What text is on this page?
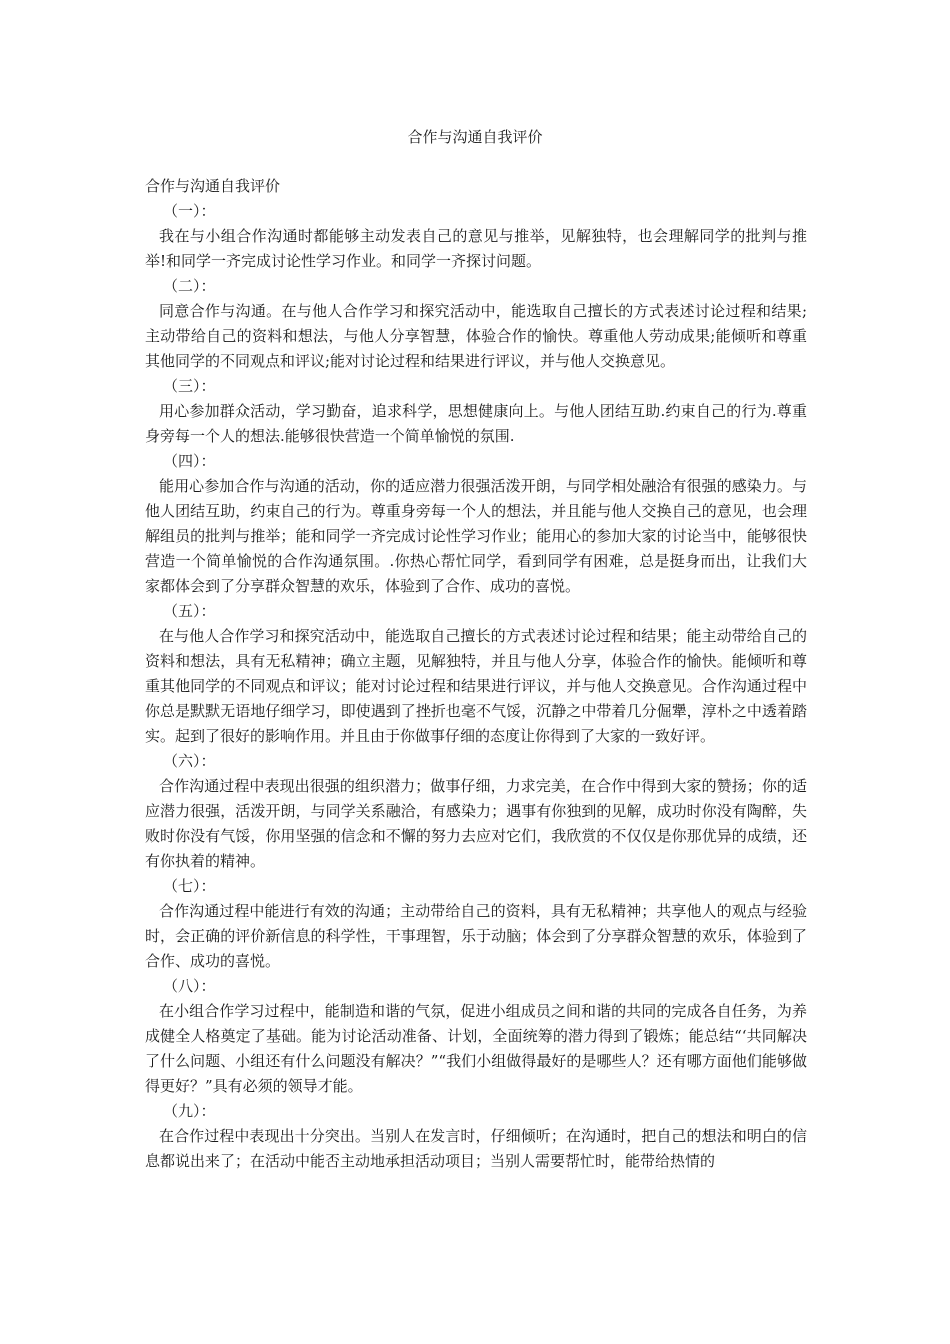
合作与沟通自我评价

合作与沟通自我评价

（一）：

我在与小组合作沟通时都能够主动发表自己的意见与推举，见解独特，也会理解同学的批判与推举!和同学一齐完成讨论性学习作业。和同学一齐探讨问题。

（二）：

同意合作与沟通。在与他人合作学习和探究活动中，能选取自己擅长的方式表述讨论过程和结果;主动带给自己的资料和想法，与他人分享智慧，体验合作的愉快。尊重他人劳动成果;能倾听和尊重其他同学的不同观点和评议;能对讨论过程和结果进行评议，并与他人交换意见。

（三）：

用心参加群众活动，学习勤奋，追求科学，思想健康向上。与他人团结互助.约束自己的行为.尊重身旁每一个人的想法.能够很快营造一个简单愉悦的氛围.

（四）：

能用心参加合作与沟通的活动，你的适应潜力很强活泼开朗，与同学相处融洽有很强的感染力。与他人团结互助，约束自己的行为。尊重身旁每一个人的想法，并且能与他人交换自己的意见，也会理解组员的批判与推举；能和同学一齐完成讨论性学习作业；能用心的参加大家的讨论当中，能够很快营造一个简单愉悦的合作沟通氛围。.你热心帮忙同学，看到同学有困难，总是挺身而出，让我们大家都体会到了分享群众智慧的欢乐，体验到了合作、成功的喜悦。

（五）：

在与他人合作学习和探究活动中，能选取自己擅长的方式表述讨论过程和结果；能主动带给自己的资料和想法，具有无私精神；确立主题，见解独特，并且与他人分享，体验合作的愉快。能倾听和尊重其他同学的不同观点和评议；能对讨论过程和结果进行评议，并与他人交换意见。合作沟通过程中你总是默默无语地仔细学习，即使遇到了挫折也毫不气馁，沉静之中带着几分倔犟，淳朴之中透着踏实。起到了很好的影响作用。并且由于你做事仔细的态度让你得到了大家的一致好评。

（六）：

合作沟通过程中表现出很强的组织潜力；做事仔细，力求完美，在合作中得到大家的赞扬；你的适应潜力很强，活泼开朗，与同学关系融洽，有感染力；遇事有你独到的见解，成功时你没有陶醉，失败时你没有气馁，你用坚强的信念和不懈的努力去应对它们，我欣赏的不仅仅是你那优异的成绩，还有你执着的精神。

（七）：

合作沟通过程中能进行有效的沟通；主动带给自己的资料，具有无私精神；共享他人的观点与经验时，会正确的评价新信息的科学性，干事理智，乐于动脑；体会到了分享群众智慧的欢乐，体验到了合作、成功的喜悦。

（八）：

在小组合作学习过程中，能制造和谐的气氛，促进小组成员之间和谐的共同的完成各自任务，为养成健全人格奠定了基础。能为讨论活动准备、计划，全面统筹的潜力得到了锻炼；能总结“‘共同解决了什么问题、小组还有什么问题没有解决？”“我们小组做得最好的是哪些人？还有哪方面他们能够做得更好？”具有必须的领导才能。

（九）：

在合作过程中表现出十分突出。当别人在发言时，仔细倾听；在沟通时，把自己的想法和明白的信息都说出来了；在活动中能否主动地承担活动项目；当别人需要帮忙时，能带给热情的
